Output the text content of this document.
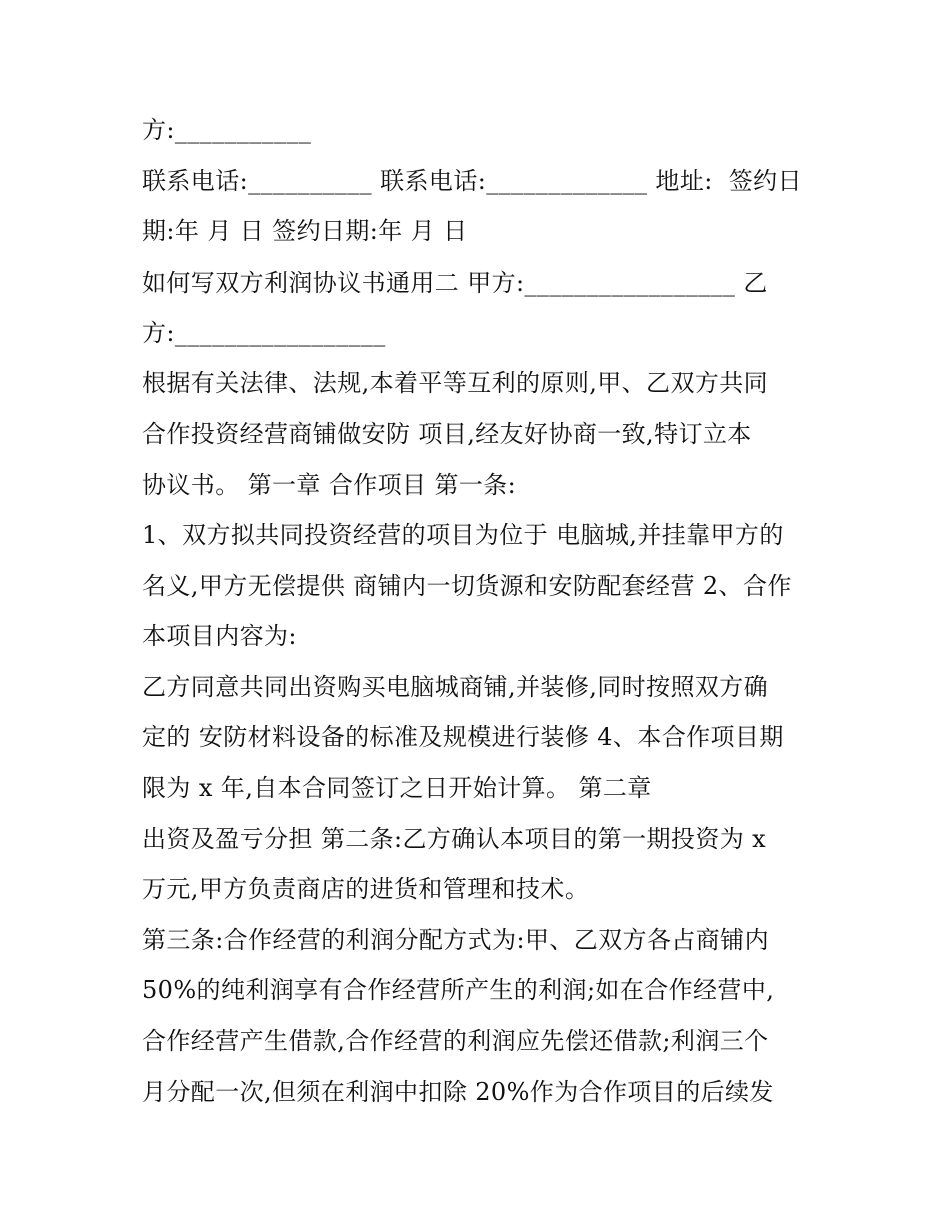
方:___________
联系电话:__________ 联系电话:_____________ 地址:  签约日
期:年 月 日 签约日期:年 月 日
如何写双方利润协议书通用二 甲方:_________________ 乙
方:_________________
根据有关法律、法规,本着平等互利的原则,甲、乙双方共同
合作投资经营商铺做安防 项目,经友好协商一致,特订立本
协议书。 第一章 合作项目 第一条:
1、双方拟共同投资经营的项目为位于 电脑城,并挂靠甲方的
名义,甲方无偿提供 商铺内一切货源和安防配套经营 2、合作
本项目内容为:
乙方同意共同出资购买电脑城商铺,并装修,同时按照双方确
定的 安防材料设备的标准及规模进行装修 4、本合作项目期
限为 x 年,自本合同签订之日开始计算。 第二章
出资及盈亏分担 第二条:乙方确认本项目的第一期投资为 x
万元,甲方负责商店的进货和管理和技术。
第三条:合作经营的利润分配方式为:甲、乙双方各占商铺内
50%的纯利润享有合作经营所产生的利润;如在合作经营中,
合作经营产生借款,合作经营的利润应先偿还借款;利润三个
月分配一次,但须在利润中扣除 20%作为合作项目的后续发
